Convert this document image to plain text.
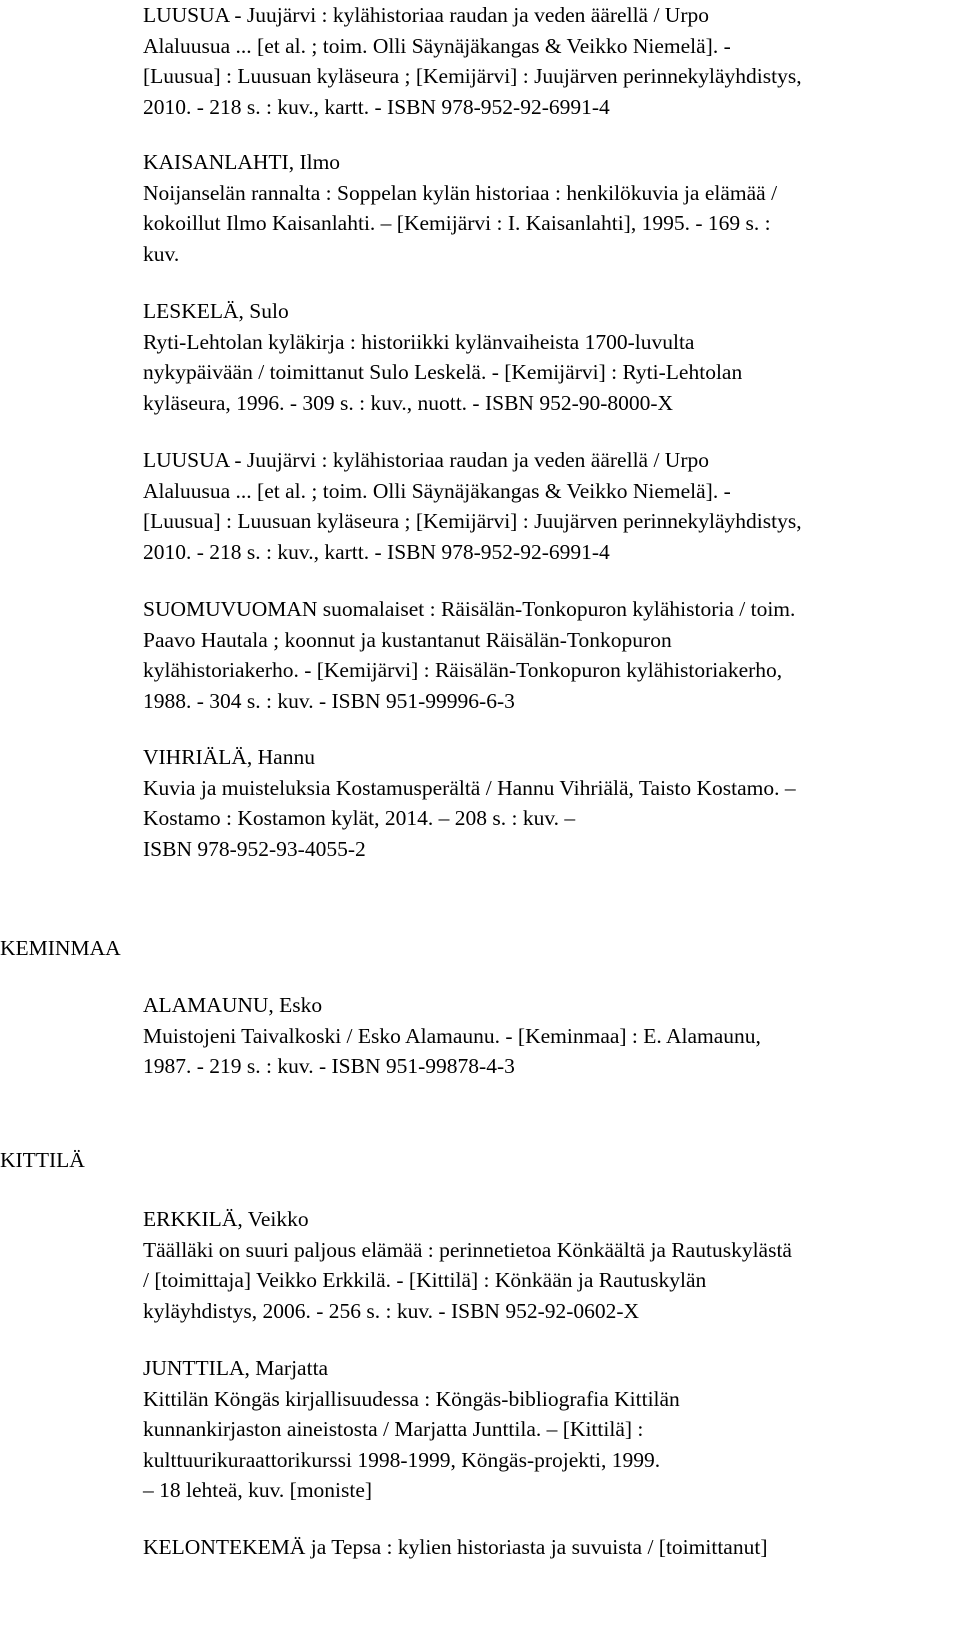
LUUSUA - Juujärvi : kylähistoriaa raudan ja veden äärellä / Urpo
Alaluusua ... [et al. ; toim. Olli Säynäjäkangas & Veikko Niemelä]. -
[Luusua] : Luusuan kyläseura ; [Kemijärvi] : Juujärven perinnekyläyhdistys,
2010. - 218 s. : kuv., kartt. - ISBN 978-952-92-6991-4
KAISANLAHTI, Ilmo
Noijanselän rannalta : Soppelan kylän historiaa : henkilökuvia ja elämää /
kokoillut Ilmo Kaisanlahti. – [Kemijärvi : I. Kaisanlahti], 1995. - 169 s. :
kuv.
LESKELÄ, Sulo
Ryti-Lehtolan kyläkirja : historiikki kylänvaiheista 1700-luvulta
nykypäivään / toimittanut Sulo Leskelä. - [Kemijärvi] : Ryti-Lehtolan
kyläseura, 1996. - 309 s. : kuv., nuott. - ISBN 952-90-8000-X
LUUSUA - Juujärvi : kylähistoriaa raudan ja veden äärellä / Urpo
Alaluusua ... [et al. ; toim. Olli Säynäjäkangas & Veikko Niemelä]. -
[Luusua] : Luusuan kyläseura ; [Kemijärvi] : Juujärven perinnekyläyhdistys,
2010. - 218 s. : kuv., kartt. - ISBN 978-952-92-6991-4
SUOMUVUOMAN suomalaiset : Räisälän-Tonkopuron kylähistoria / toim.
Paavo Hautala ; koonnut ja kustantanut Räisälän-Tonkopuron
kylähistoriakerho. - [Kemijärvi] : Räisälän-Tonkopuron kylähistoriakerho,
1988. - 304 s. : kuv. - ISBN 951-99996-6-3
VIHRIÄLÄ, Hannu
Kuvia ja muisteluksia Kostamusperältä / Hannu Vihriälä, Taisto Kostamo. –
Kostamo : Kostamon kylät, 2014. – 208 s. : kuv. –
ISBN 978-952-93-4055-2
KEMINMAA
ALAMAUNU, Esko
Muistojeni Taivalkoski / Esko Alamaunu. - [Keminmaa] : E. Alamaunu,
1987. - 219 s. : kuv. - ISBN 951-99878-4-3
KITTILÄ
ERKKILÄ, Veikko
Täälläki on suuri paljous elämää : perinnetietoa Könkäältä ja Rautuskylästä
/ [toimittaja] Veikko Erkkilä. - [Kittilä] : Könkään ja Rautuskylän
kyläyhdistys, 2006. - 256 s. : kuv. - ISBN 952-92-0602-X
JUNTTILA, Marjatta
Kittilän Köngäs kirjallisuudessa : Köngäs-bibliografia Kittilän
kunnankirjaston aineistosta / Marjatta Junttila. – [Kittilä] :
kulttuurikuraattorikurssi 1998-1999, Köngäs-projekti, 1999.
– 18 lehteä, kuv. [moniste]
KELONTEKEMÄ ja Tepsa : kylien historiasta ja suvuista / [toimittanut]
